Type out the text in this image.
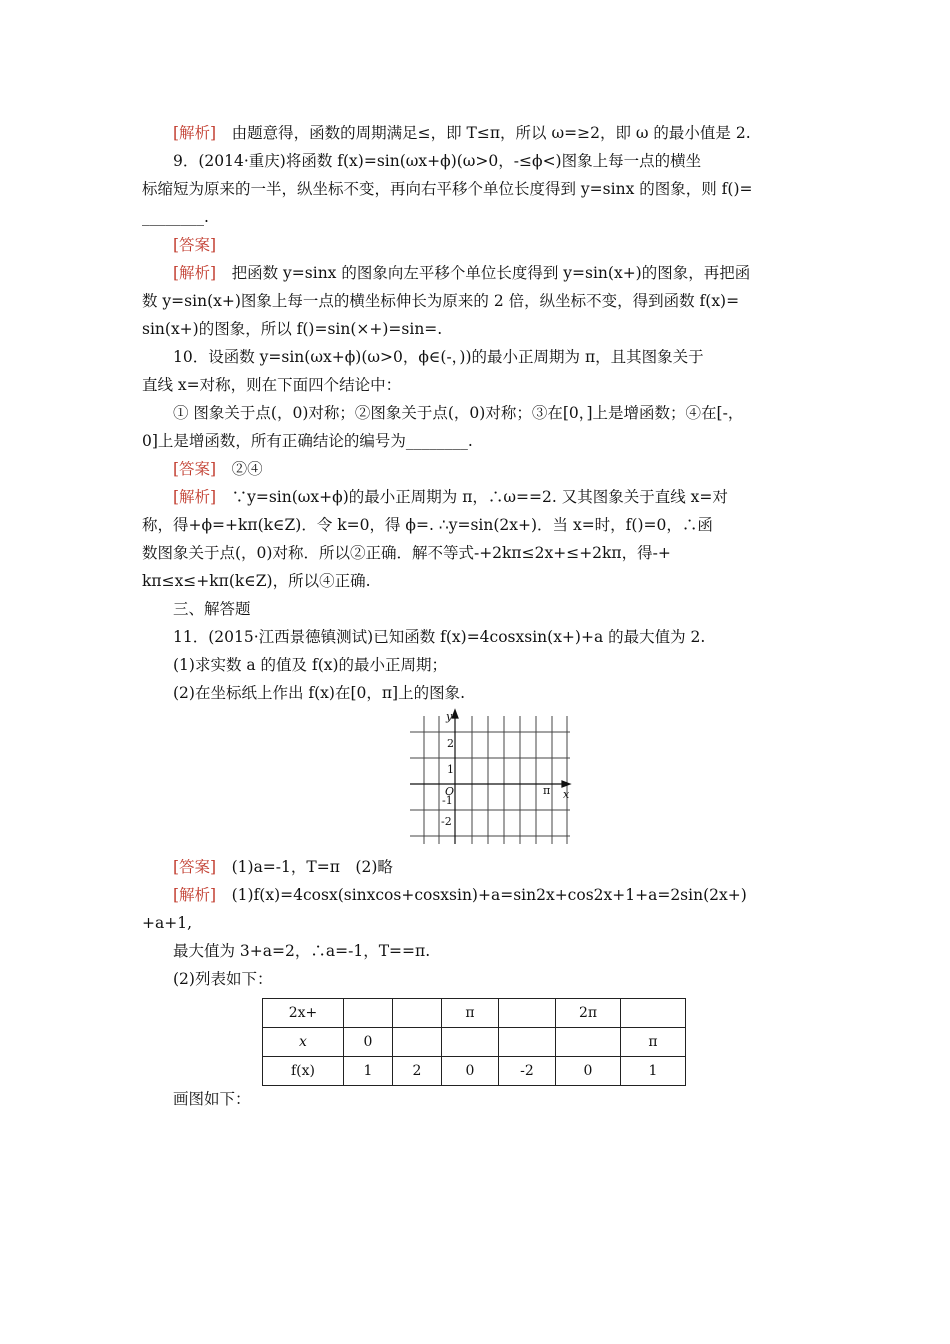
[解析]　由题意得，函数的周期满足≤，即 T≤π，所以 ω=≥2，即 ω 的最小值是 2.
9．(2014·重庆)将函数 f(x)=sin(ωx+ϕ)(ω>0，-≤ϕ<)图象上每一点的横坐
标缩短为原来的一半，纵坐标不变，再向右平移个单位长度得到 y=sinx 的图象，则 f()=
________.
[答案]
[解析]　把函数 y=sinx 的图象向左平移个单位长度得到 y=sin(x+)的图象，再把函
数 y=sin(x+)图象上每一点的横坐标伸长为原来的 2 倍，纵坐标不变，得到函数 f(x)=
sin(x+)的图象，所以 f()=sin(×+)=sin=.
10．设函数 y=sin(ωx+ϕ)(ω>0，ϕ∈(-，))的最小正周期为 π，且其图象关于
直线 x=对称，则在下面四个结论中：
① 图象关于点(，0)对称；②图象关于点(，0)对称；③在[0，]上是增函数；④在[-，
0]上是增函数，所有正确结论的编号为________.
[答案]　②④
[解析]　∵y=sin(ωx+ϕ)的最小正周期为 π，∴ω==2. 又其图象关于直线 x=对
称，得+ϕ=+kπ(k∈Z)．令 k=0，得 ϕ=. ∴y=sin(2x+)．当 x=时，f()=0，∴函
数图象关于点(，0)对称．所以②正确．解不等式-+2kπ≤2x+≤+2kπ，得-+
kπ≤x≤+kπ(k∈Z)，所以④正确.
三、解答题
11．(2015·江西景德镇测试)已知函数 f(x)=4cosxsin(x+)+a 的最大值为 2.
(1)求实数 a 的值及 f(x)的最小正周期；
(2)在坐标纸上作出 f(x)在[0，π]上的图象.
y
x
O
2
1
-1
-2
π
[答案]　(1)a=-1，T=π　(2)略
[解析]　(1)f(x)=4cosx(sinxcos+cosxsin)+a=sin2x+cos2x+1+a=2sin(2x+)
+a+1,
最大值为 3+a=2，∴a=-1，T==π.
(2)列表如下：
2x+			π		2π	
x	0					π
f(x)	1	2	0	-2	0	1
画图如下：
